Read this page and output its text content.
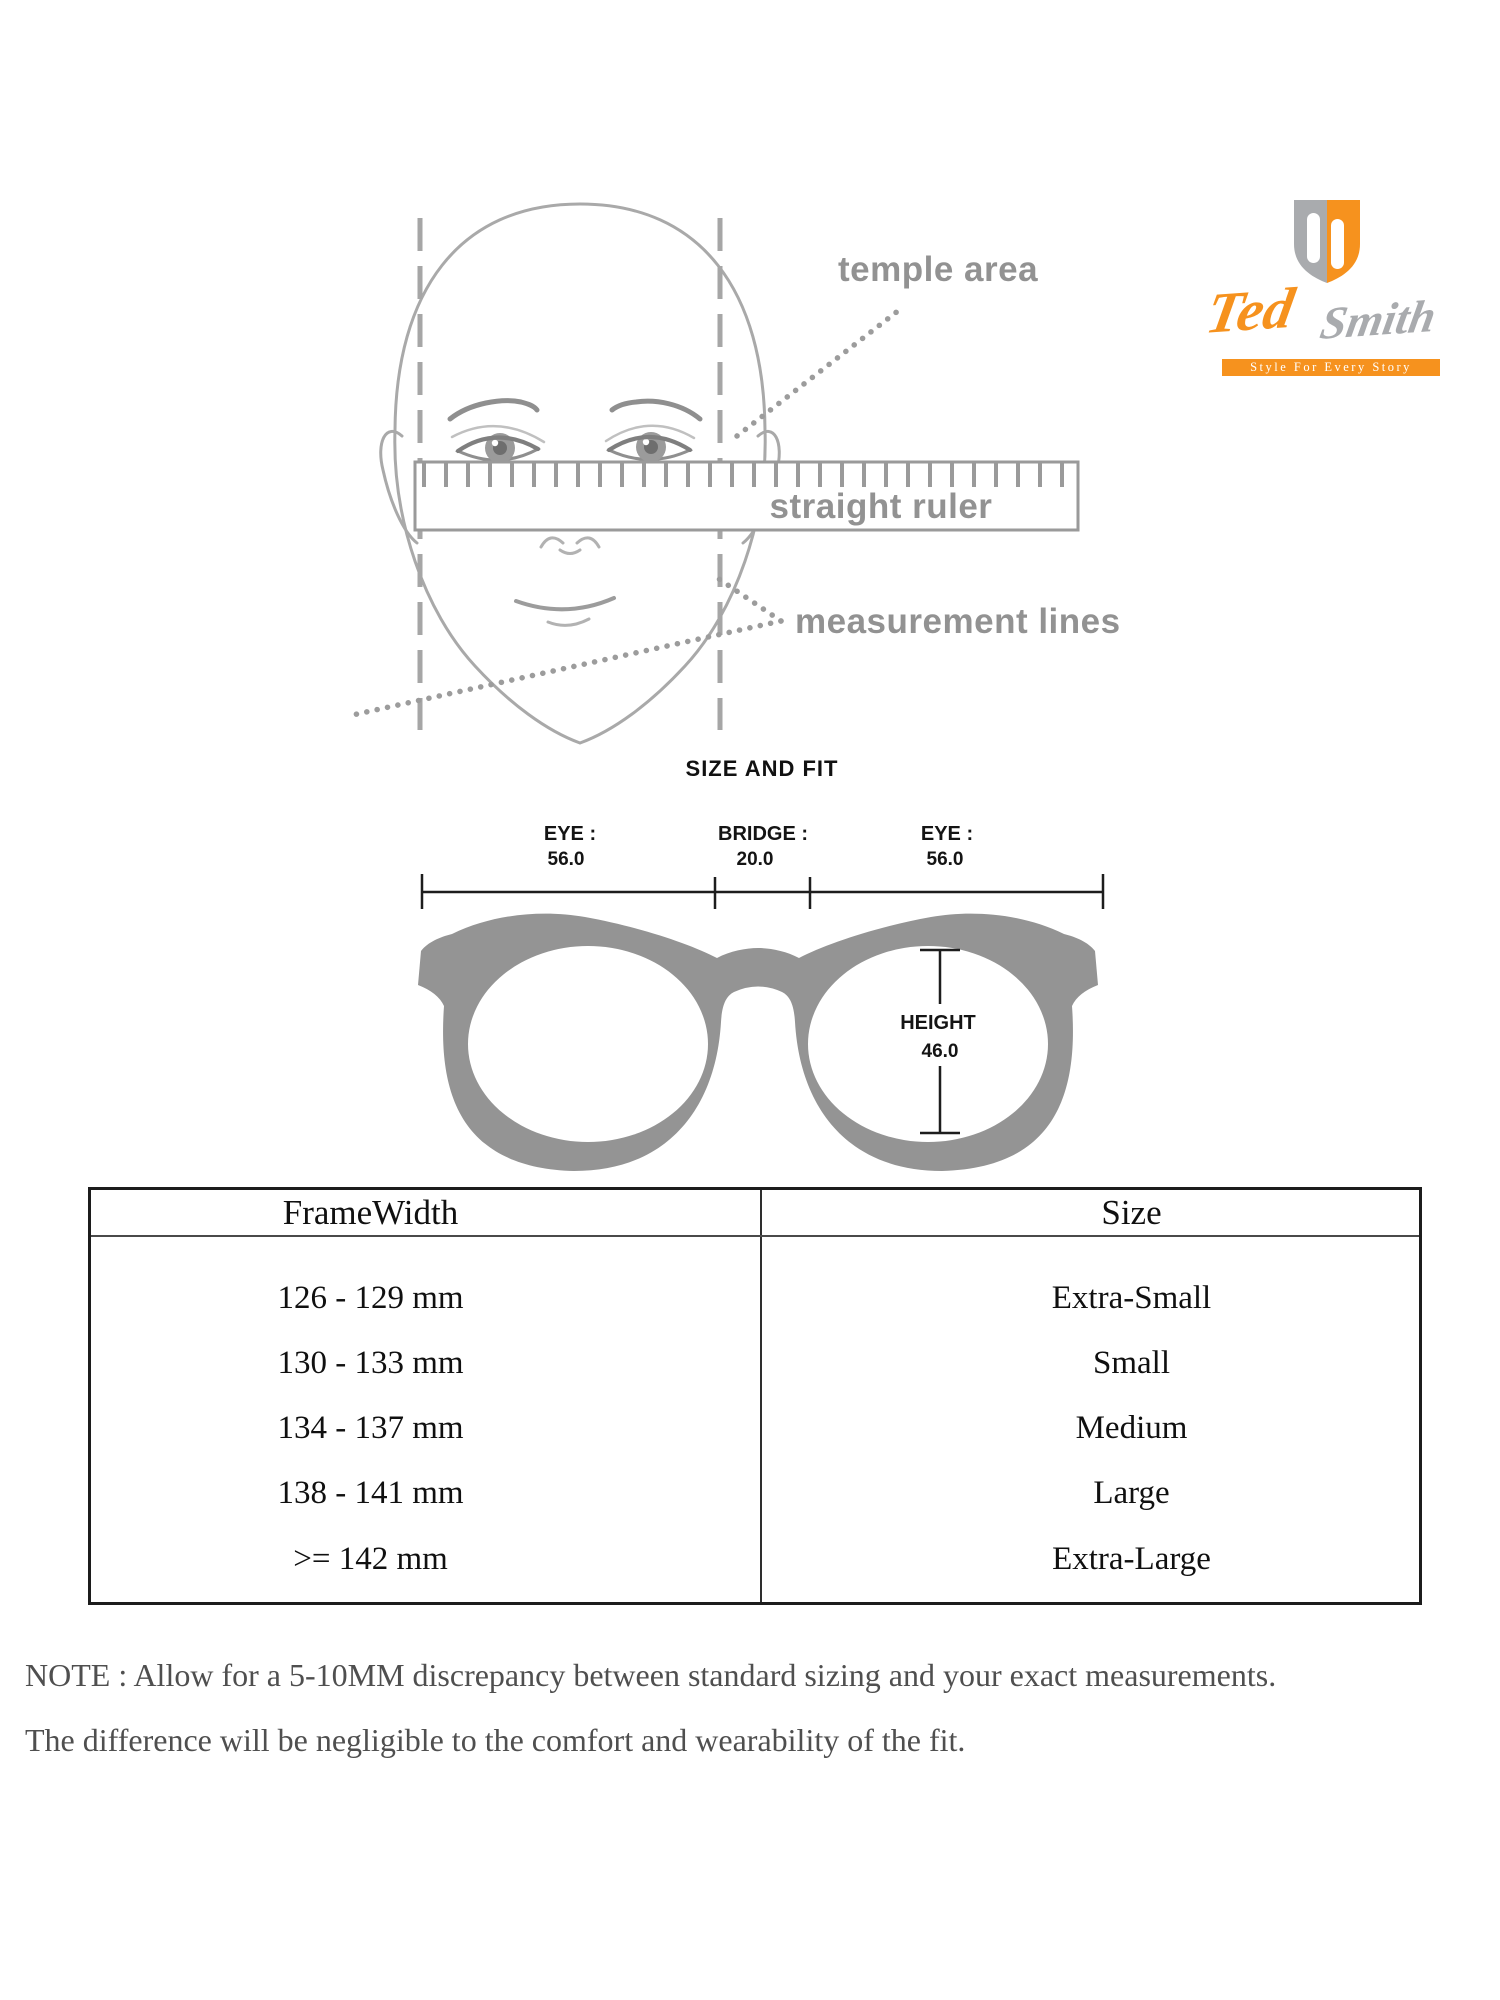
temple area
straight ruler
measurement lines
Ted Smith
Style For Every Story
SIZE AND FIT
EYE :
56.0
BRIDGE :
20.0
EYE :
56.0
HEIGHT
46.0
FrameWidth	Size
126 - 129 mm	Extra-Small
130 - 133 mm	Small
134 - 137 mm	Medium
138 - 141 mm	Large
>= 142 mm	Extra-Large
NOTE : Allow for a 5-10MM discrepancy between standard sizing and your exact measurements.
The difference will be negligible to the comfort and wearability of the fit.
